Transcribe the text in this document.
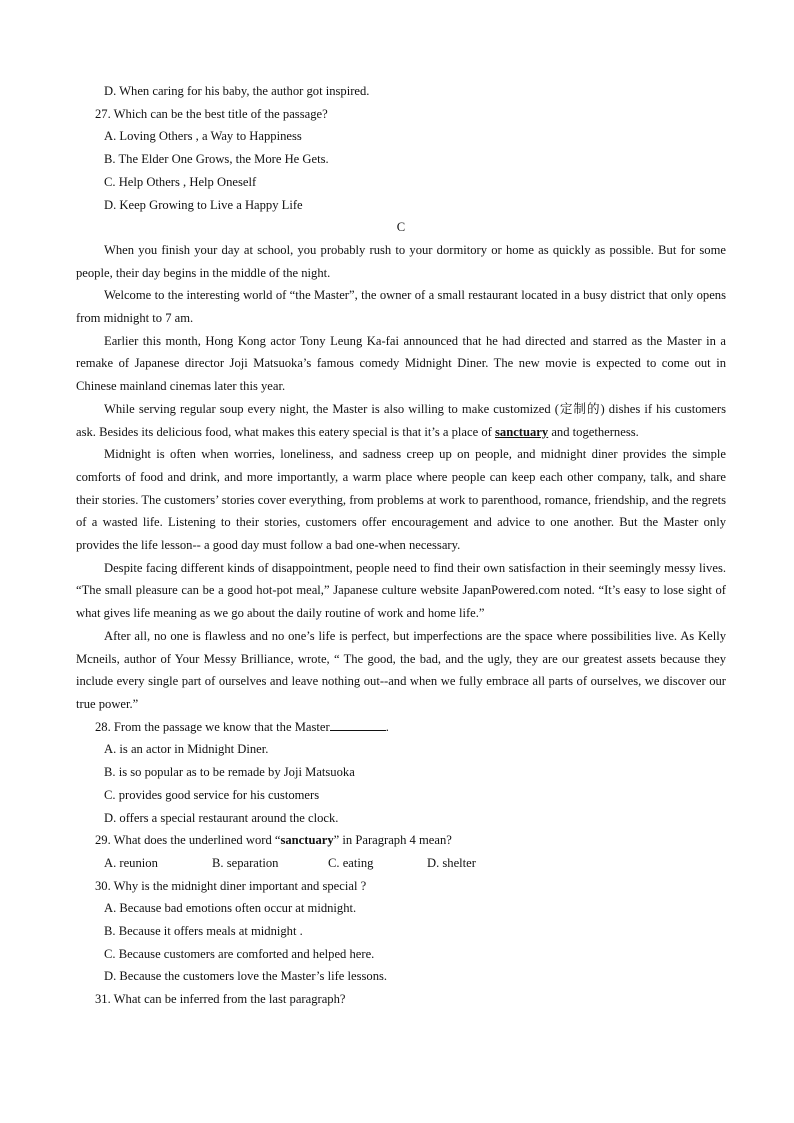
D. When caring for his baby, the author got inspired.
27. Which can be the best title of the passage?
A. Loving Others , a Way to Happiness
B. The Elder One Grows, the More He Gets.
C. Help Others , Help Oneself
D. Keep Growing to Live a Happy Life
C
When you finish your day at school, you probably rush to your dormitory or home as quickly as possible. But for some people, their day begins in the middle of the night.
Welcome to the interesting world of “the Master”, the owner of a small restaurant located in a busy district that only opens from midnight to 7 am.
Earlier this month, Hong Kong actor Tony Leung Ka-fai announced that he had directed and starred as the Master in a remake of Japanese director Joji Matsuoka’s famous comedy Midnight Diner. The new movie is expected to come out in Chinese mainland cinemas later this year.
While serving regular soup every night, the Master is also willing to make customized (定制的) dishes if his customers ask. Besides its delicious food, what makes this eatery special is that it’s a place of sanctuary and togetherness.
Midnight is often when worries, loneliness, and sadness creep up on people, and midnight diner provides the simple comforts of food and drink, and more importantly, a warm place where people can keep each other company, talk, and share their stories. The customers’ stories cover everything, from problems at work to parenthood, romance, friendship, and the regrets of a wasted life. Listening to their stories, customers offer encouragement and advice to one another. But the Master only provides the life lesson-- a good day must follow a bad one-when necessary.
Despite facing different kinds of disappointment, people need to find their own satisfaction in their seemingly messy lives. “The small pleasure can be a good hot-pot meal,” Japanese culture website JapanPowered.com noted. “It’s easy to lose sight of what gives life meaning as we go about the daily routine of work and home life.”
After all, no one is flawless and no one’s life is perfect, but imperfections are the space where possibilities live. As Kelly Mcneils, author of Your Messy Brilliance, wrote, “ The good, the bad, and the ugly, they are our greatest assets because they include every single part of ourselves and leave nothing out--and when we fully embrace all parts of ourselves, we discover our true power.”
28. From the passage we know that the Master	.
A. is an actor in Midnight Diner.
B. is so popular as to be remade by Joji Matsuoka
C. provides good service for his customers
D. offers a special restaurant around the clock.
29. What does the underlined word “sanctuary” in Paragraph 4 mean?
A. reunion	B. separation	C. eating	D. shelter
30. Why is the midnight diner important and special ?
A. Because bad emotions often occur at midnight.
B. Because it offers meals at midnight .
C. Because customers are comforted and helped here.
D. Because the customers love the Master’s life lessons.
31. What can be inferred from the last paragraph?
